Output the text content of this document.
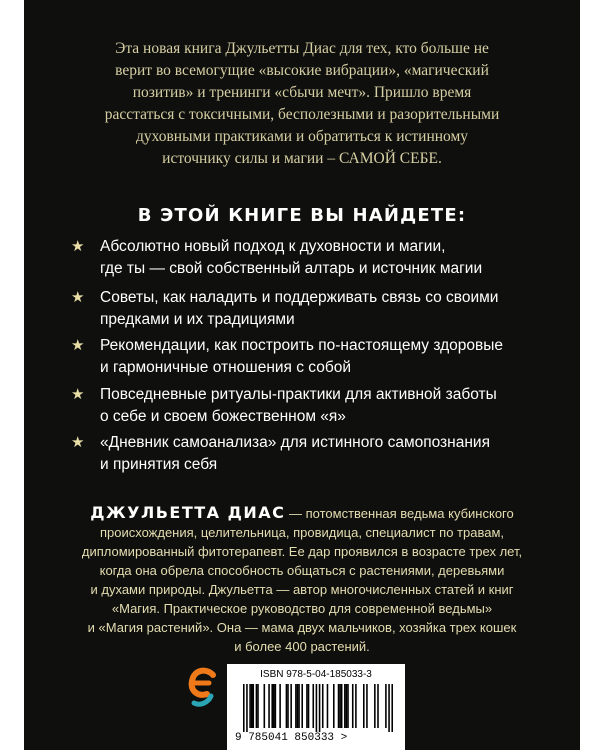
Эта новая книга Джульетты Диас для тех, кто больше не
верит во всемогущие «высокие вибрации», «магический
позитив» и тренинги «сбычи мечт». Пришло время
расстаться с токсичными, бесполезными и разорительными
духовными практиками и обратиться к истинному
источнику силы и магии – САМОЙ СЕБЕ.
В ЭТОЙ КНИГЕ ВЫ НАЙДЕТЕ:
★ Абсолютно новый подход к духовности и магии,
где ты — свой собственный алтарь и источник магии
★ Советы, как наладить и поддерживать связь со своими
предками и их традициями
★ Рекомендации, как построить по-настоящему здоровые
и гармоничные отношения с собой
★ Повседневные ритуалы-практики для активной заботы
о себе и своем божественном «я»
★ «Дневник самоанализа» для истинного самопознания
и принятия себя
ДЖУЛЬЕТТА ДИАС — потомственная ведьма кубинского
происхождения, целительница, провидица, специалист по травам,
дипломированный фитотерапевт. Ее дар проявился в возрасте трех лет,
когда она обрела способность общаться с растениями, деревьями
и духами природы. Джульетта — автор многочисленных статей и книг
«Магия. Практическое руководство для современной ведьмы»
и «Магия растений». Она — мама двух мальчиков, хозяйка трех кошек
и более 400 растений.
ISBN 978-5-04-185033-3
9 785041 850333 >
